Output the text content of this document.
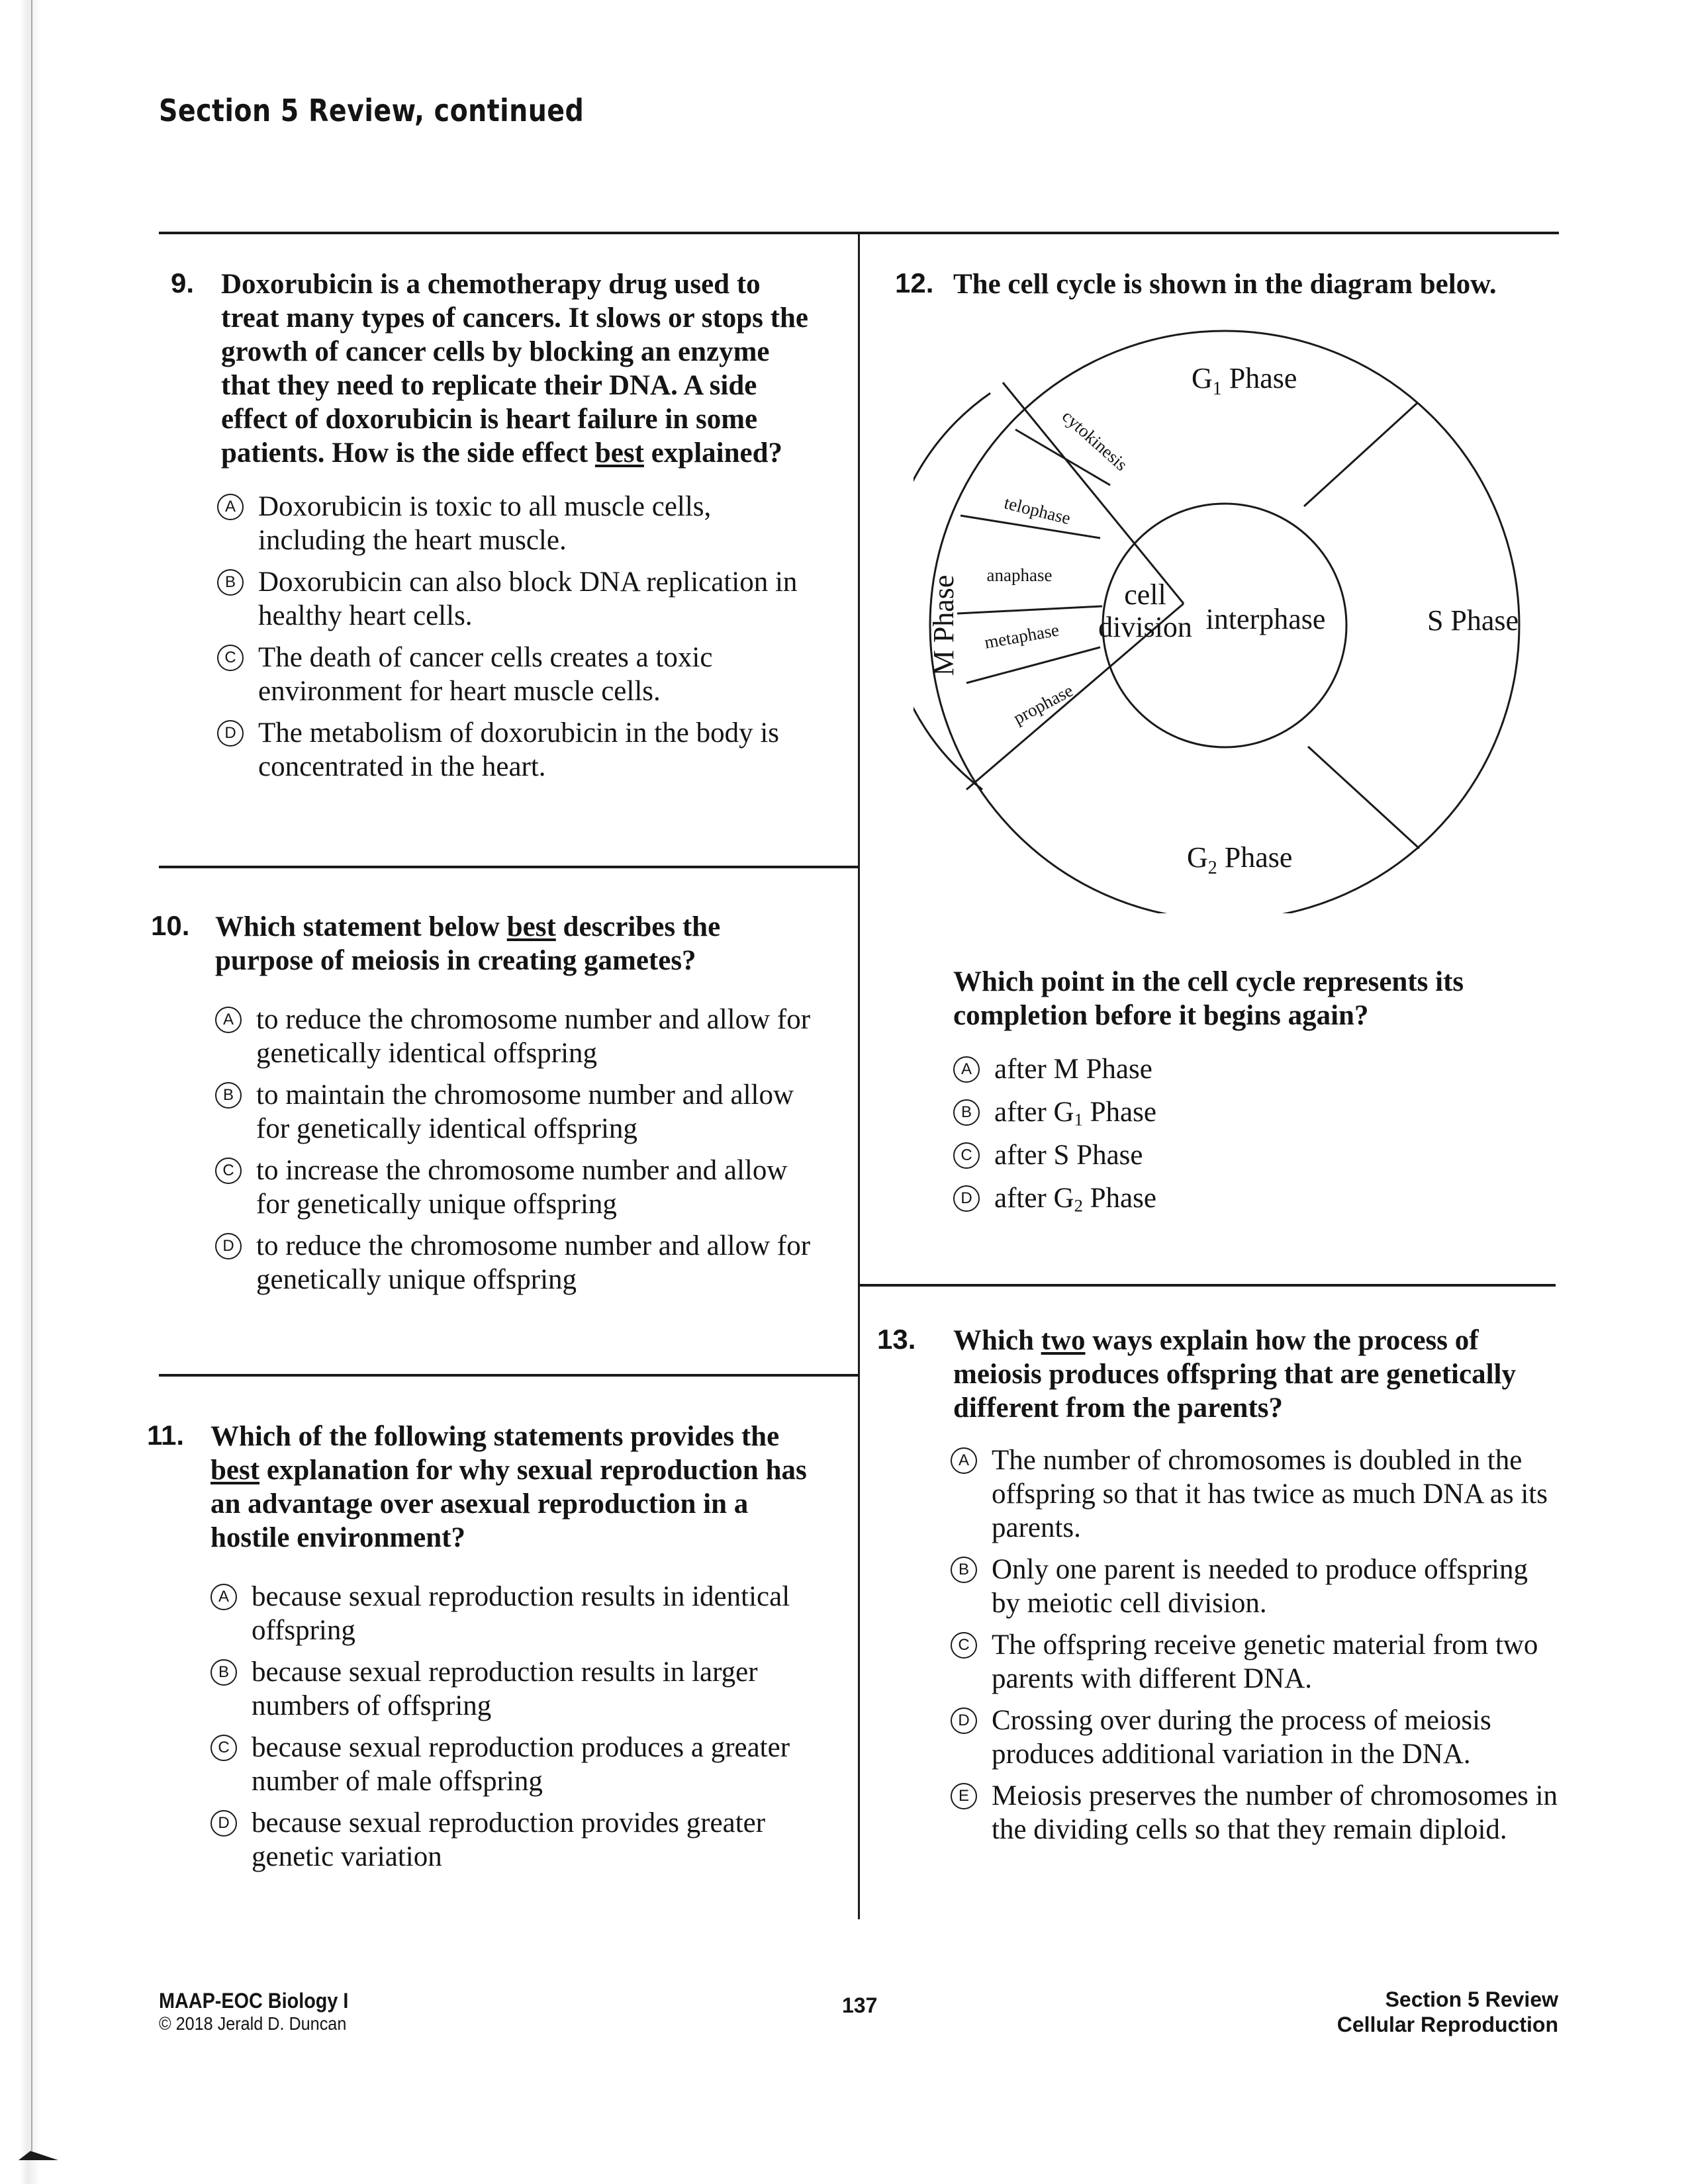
Section 5 Review, continued
9. Doxorubicin is a chemotherapy drug used to treat many types of cancers. It slows or stops the growth of cancer cells by blocking an enzyme that they need to replicate their DNA. A side effect of doxorubicin is heart failure in some patients. How is the side effect best explained?
A Doxorubicin is toxic to all muscle cells, including the heart muscle.
B Doxorubicin can also block DNA replication in healthy heart cells.
C The death of cancer cells creates a toxic environment for heart muscle cells.
D The metabolism of doxorubicin in the body is concentrated in the heart.
10. Which statement below best describes the purpose of meiosis in creating gametes?
A to reduce the chromosome number and allow for genetically identical offspring
B to maintain the chromosome number and allow for genetically identical offspring
C to increase the chromosome number and allow for genetically unique offspring
D to reduce the chromosome number and allow for genetically unique offspring
11. Which of the following statements provides the best explanation for why sexual reproduction has an advantage over asexual reproduction in a hostile environment?
A because sexual reproduction results in identical offspring
B because sexual reproduction results in larger numbers of offspring
C because sexual reproduction produces a greater number of male offspring
D because sexual reproduction provides greater genetic variation
12. The cell cycle is shown in the diagram below.
$G_1$ Phase
S Phase
$G_2$ Phase
M Phase	interphase
cell
division
cytokinesis
telophase
anaphase
metaphase
prophase
Which point in the cell cycle represents its completion before it begins again?
A after M Phase
B after $G_1$ Phase
C after S Phase
D after $G_2$ Phase
13. Which two ways explain how the process of meiosis produces offspring that are genetically different from the parents?
A The number of chromosomes is doubled in the offspring so that it has twice as much DNA as its parents.
B Only one parent is needed to produce offspring by meiotic cell division.
C The offspring receive genetic material from two parents with different DNA.
D Crossing over during the process of meiosis produces additional variation in the DNA.
E Meiosis preserves the number of chromosomes in the dividing cells so that they remain diploid.
MAAP-EOC Biology I
© 2018 Jerald D. Duncan
137	Section 5 Review
Cellular Reproduction
